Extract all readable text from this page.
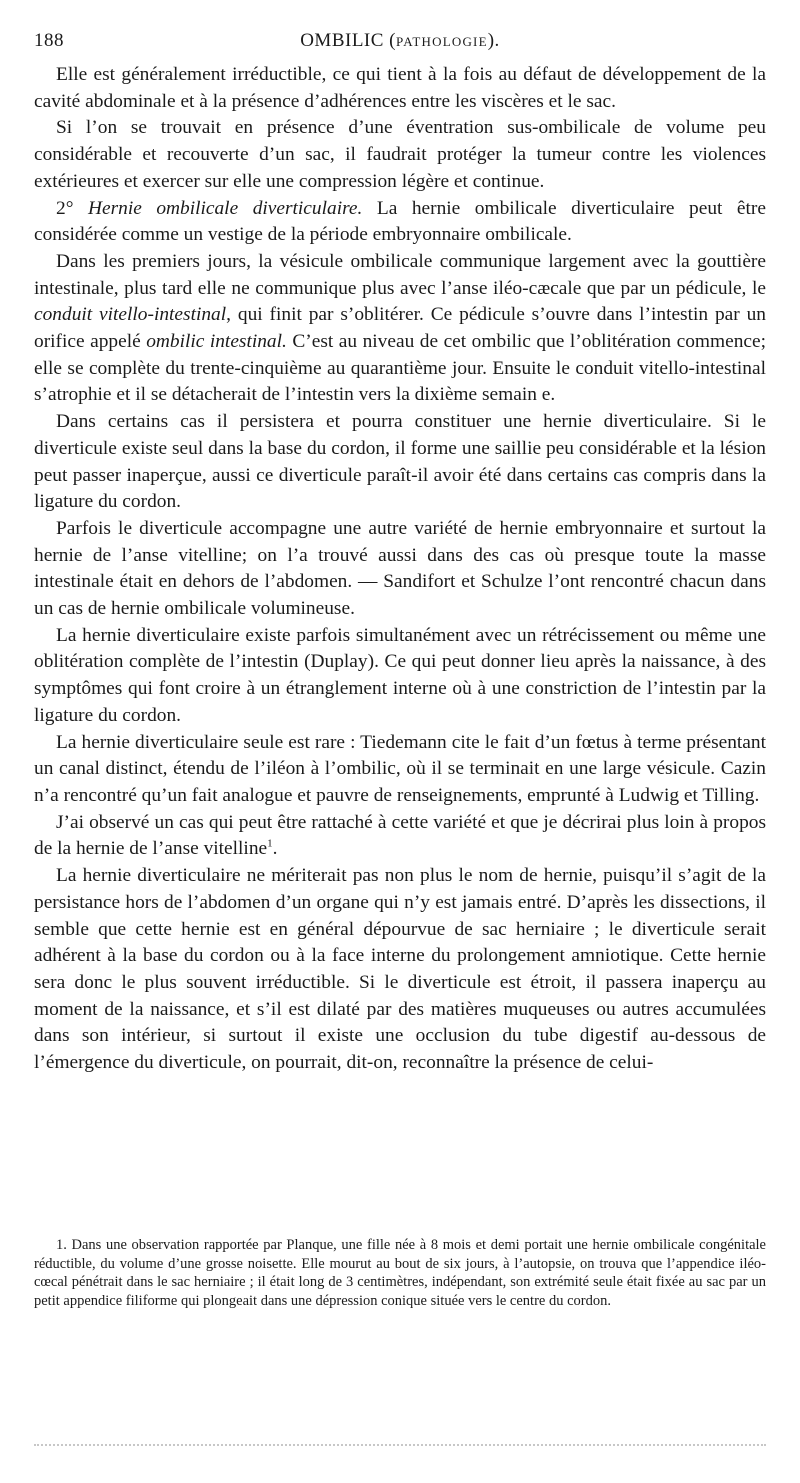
188	OMBILIC (PATHOLOGIE).

Elle est généralement irréductible, ce qui tient à la fois au défaut de développement de la cavité abdominale et à la présence d’adhérences entre les viscères et le sac.

Si l’on se trouvait en présence d’une éventration sus-ombilicale de volume peu considérable et recouverte d’un sac, il faudrait protéger la tumeur contre les violences extérieures et exercer sur elle une compression légère et continue.

2° Hernie ombilicale diverticulaire. La hernie ombilicale diverticulaire peut être considérée comme un vestige de la période embryonnaire ombilicale.

Dans les premiers jours, la vésicule ombilicale communique largement avec la gouttière intestinale, plus tard elle ne communique plus avec l’anse iléo-cæcale que par un pédicule, le conduit vitello-intestinal, qui finit par s’oblitérer. Ce pédicule s’ouvre dans l’intestin par un orifice appelé ombilic intestinal. C’est au niveau de cet ombilic que l’oblitération commence; elle se complète du trente-cinquième au quarantième jour. Ensuite le conduit vitello-intestinal s’atrophie et il se détacherait de l’intestin vers la dixième semain e.

Dans certains cas il persistera et pourra constituer une hernie diverticulaire. Si le diverticule existe seul dans la base du cordon, il forme une saillie peu considérable et la lésion peut passer inaperçue, aussi ce diverticule paraît-il avoir été dans certains cas compris dans la ligature du cordon.

Parfois le diverticule accompagne une autre variété de hernie embryonnaire et surtout la hernie de l’anse vitelline; on l’a trouvé aussi dans des cas où presque toute la masse intestinale était en dehors de l’abdomen. — Sandifort et Schulze l’ont rencontré chacun dans un cas de hernie ombilicale volumineuse.

La hernie diverticulaire existe parfois simultanément avec un rétrécissement ou même une oblitération complète de l’intestin (Duplay). Ce qui peut donner lieu après la naissance, à des symptômes qui font croire à un étranglement interne où à une constriction de l’intestin par la ligature du cordon.

La hernie diverticulaire seule est rare : Tiedemann cite le fait d’un fœtus à terme présentant un canal distinct, étendu de l’iléon à l’ombilic, où il se terminait en une large vésicule. Cazin n’a rencontré qu’un fait analogue et pauvre de renseignements, emprunté à Ludwig et Tilling.

J’ai observé un cas qui peut être rattaché à cette variété et que je décrirai plus loin à propos de la hernie de l’anse vitelline$^1$.

La hernie diverticulaire ne mériterait pas non plus le nom de hernie, puisqu’il s’agit de la persistance hors de l’abdomen d’un organe qui n’y est jamais entré. D’après les dissections, il semble que cette hernie est en général dépourvue de sac herniaire ; le diverticule serait adhérent à la base du cordon ou à la face interne du prolongement amniotique. Cette hernie sera donc le plus souvent irréductible. Si le diverticule est étroit, il passera inaperçu au moment de la naissance, et s’il est dilaté par des matières muqueuses ou autres accumulées dans son intérieur, si surtout il existe une occlusion du tube digestif au-dessous de l’émergence du diverticule, on pourrait, dit-on, reconnaître la présence de celui-

1. Dans une observation rapportée par Planque, une fille née à 8 mois et demi portait une hernie ombilicale congénitale réductible, du volume d’une grosse noisette. Elle mourut au bout de six jours, à l’autopsie, on trouva que l’appendice iléo-cœcal pénétrait dans le sac herniaire ; il était long de 3 centimètres, indépendant, son extrémité seule était fixée au sac par un petit appendice filiforme qui plongeait dans une dépression conique située vers le centre du cordon.
